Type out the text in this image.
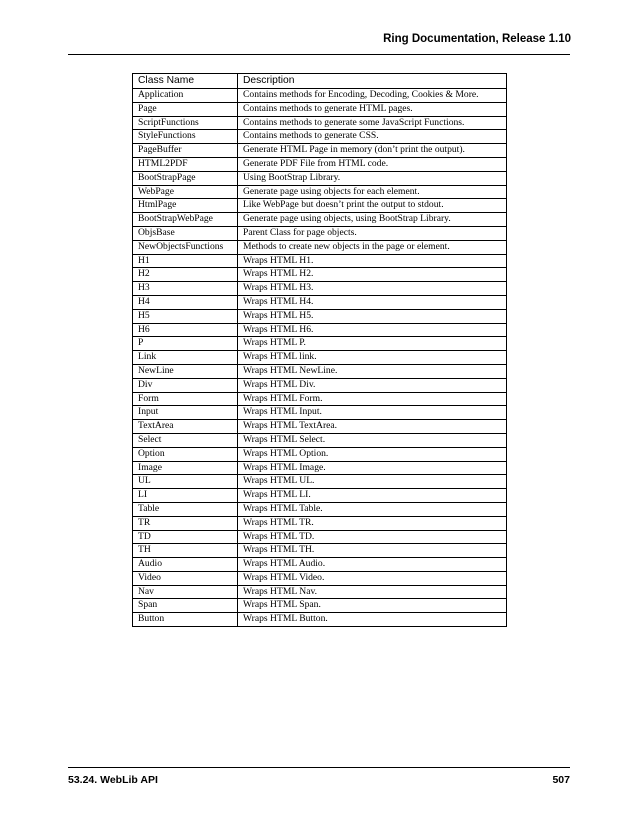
Ring Documentation, Release 1.10
Class Name	Description
Application	Contains methods for Encoding, Decoding, Cookies & More.
Page	Contains methods to generate HTML pages.
ScriptFunctions	Contains methods to generate some JavaScript Functions.
StyleFunctions	Contains methods to generate CSS.
PageBuffer	Generate HTML Page in memory (don’t print the output).
HTML2PDF	Generate PDF File from HTML code.
BootStrapPage	Using BootStrap Library.
WebPage	Generate page using objects for each element.
HtmlPage	Like WebPage but doesn’t print the output to stdout.
BootStrapWebPage	Generate page using objects, using BootStrap Library.
ObjsBase	Parent Class for page objects.
NewObjectsFunctions	Methods to create new objects in the page or element.
H1	Wraps HTML H1.
H2	Wraps HTML H2.
H3	Wraps HTML H3.
H4	Wraps HTML H4.
H5	Wraps HTML H5.
H6	Wraps HTML H6.
P	Wraps HTML P.
Link	Wraps HTML link.
NewLine	Wraps HTML NewLine.
Div	Wraps HTML Div.
Form	Wraps HTML Form.
Input	Wraps HTML Input.
TextArea	Wraps HTML TextArea.
Select	Wraps HTML Select.
Option	Wraps HTML Option.
Image	Wraps HTML Image.
UL	Wraps HTML UL.
LI	Wraps HTML LI.
Table	Wraps HTML Table.
TR	Wraps HTML TR.
TD	Wraps HTML TD.
TH	Wraps HTML TH.
Audio	Wraps HTML Audio.
Video	Wraps HTML Video.
Nav	Wraps HTML Nav.
Span	Wraps HTML Span.
Button	Wraps HTML Button.
53.24. WebLib API	507
